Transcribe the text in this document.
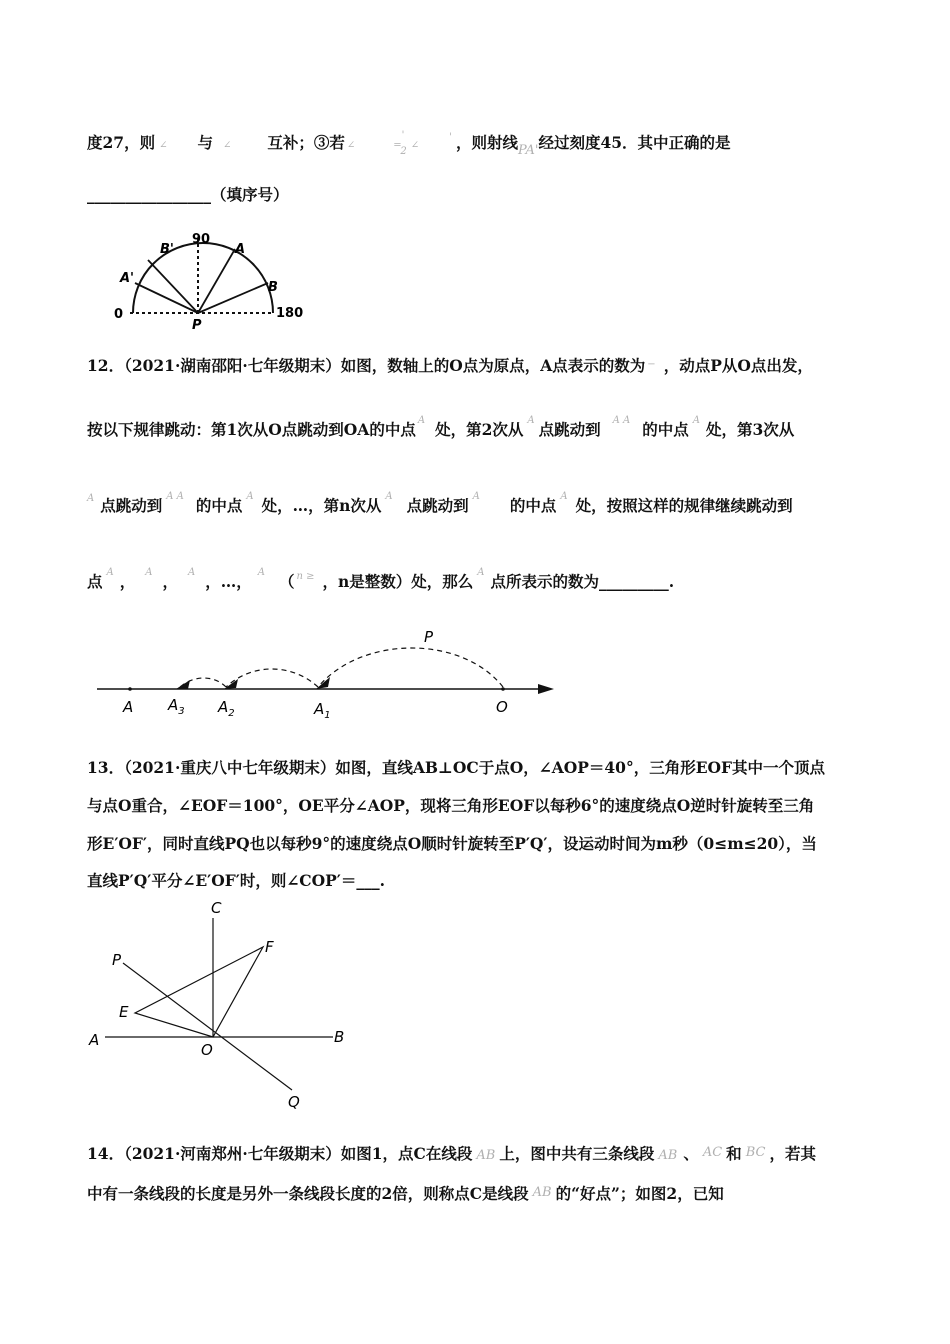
度27，则 ∠ 与 ∠ 互补；③若 ∠	$='_2\angle'$ ，则射线$_{PA'}$经过刻度45．其中正确的是
________________（填序号）
B'
90
A
A'
B
0
P
180
12．（2021·湖南邵阳·七年级期末）如图，数轴上的O点为原点，A点表示的数为 − ，动点P从O点出发，
按以下规律跳动：第1次从O点跳动到OA的中点 $^A$ 处，第2次从 $^A$ 点跳动到 $^{A A}$ 的中点 $^A$ 处，第3次从
$^A$ 点跳动到 $^{A A}$ 的中点 $^A$ 处，…，第n次从 $^A$ 点跳动到 $^A$ 的中点 $^A$ 处，按照这样的规律继续跳动到
点 $^A$ ， $^A$ ， $^A$ ，…， $^A$ （ $^{n \ge}$ ，n是整数）处，那么 $^A$ 点所表示的数为_________.
P
A $A_3$ $A_2$	$A_1$	O
13．（2021·重庆八中七年级期末）如图，直线AB⊥OC于点O，∠AOP＝40°，三角形EOF其中一个顶点
与点O重合，∠EOF＝100°，OE平分∠AOP，现将三角形EOF以每秒6°的速度绕点O逆时针旋转至三角
形E′OF′，同时直线PQ也以每秒9°的速度绕点O顺时针旋转至P′Q′，设运动时间为m秒（0≤m≤20），当
直线P′Q′平分∠E′OF′时，则∠COP′＝___.
C
P
F
E
A
O
B
Q
14．（2021·河南郑州·七年级期末）如图1，点C在线段 AB 上，图中共有三条线段 AB 、 AC 和 BC ，若其
中有一条线段的长度是另外一条线段长度的2倍，则称点C是线段 AB 的“好点”；如图2，已知
